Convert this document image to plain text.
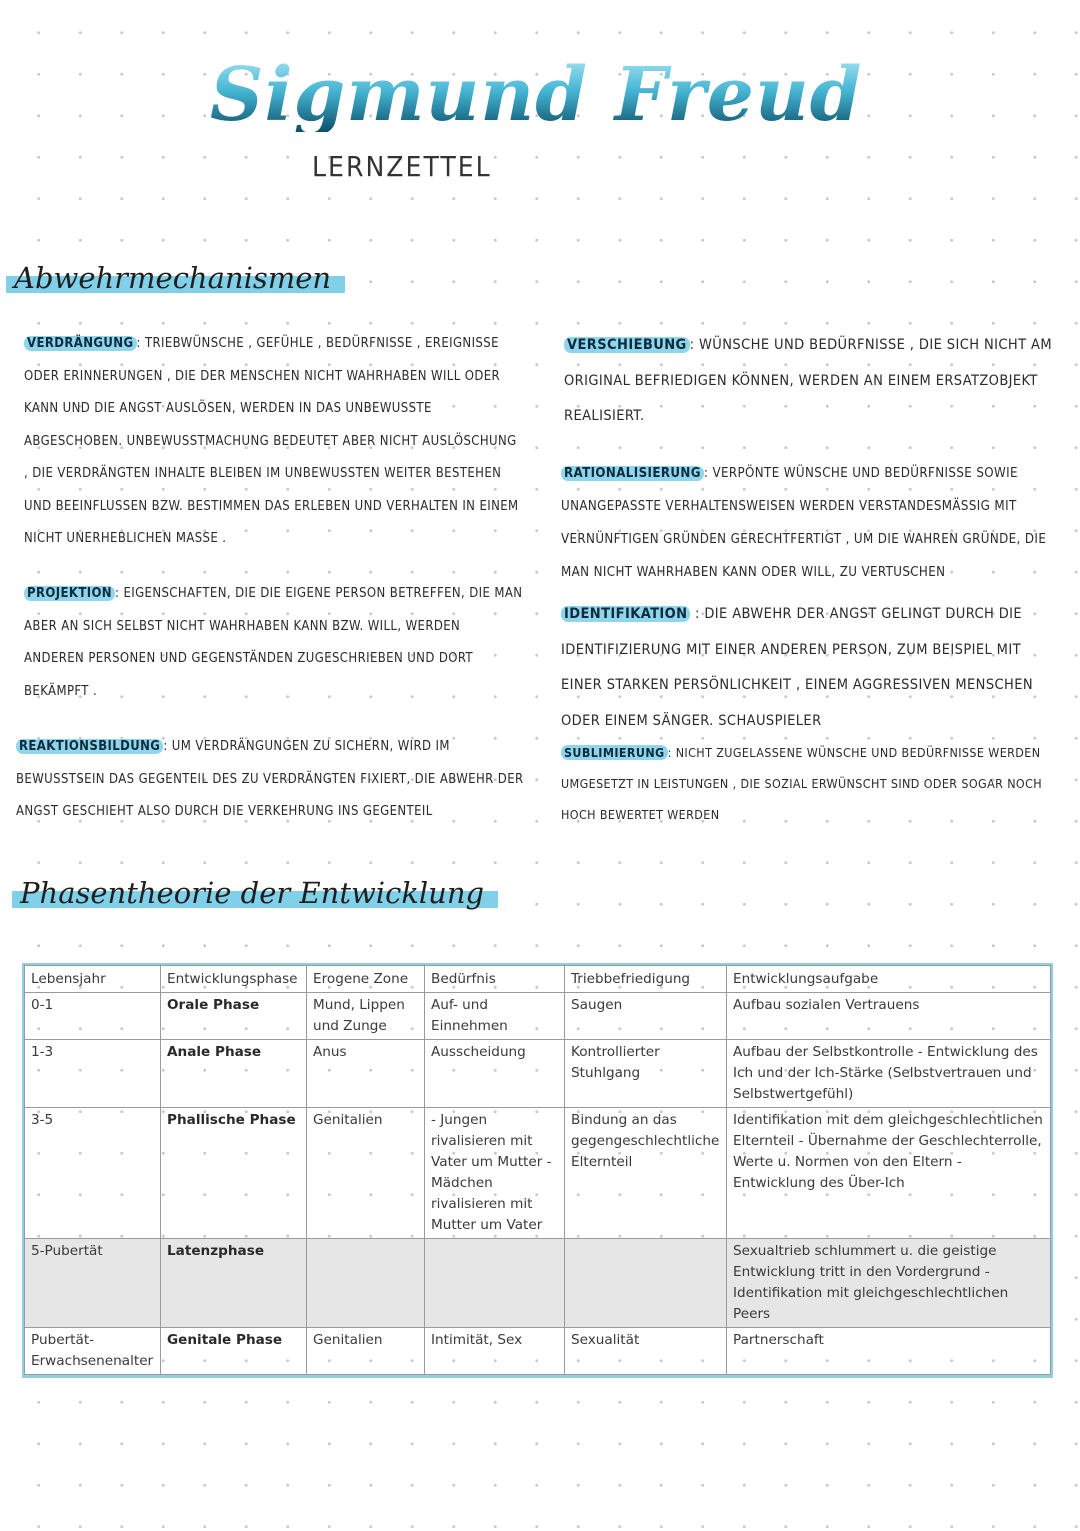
Sigmund Freud
LERNZETTEL
Abwehrmechanismen

VERDRÄNGUNG : TRIEBWÜNSCHE , GEFÜHLE , BEDÜRFNISSE , EREIGNISSE ODER ERINNERUNGEN , DIE DER MENSCHEN NICHT WAHRHABEN WILL ODER KANN UND DIE ANGST AUSLÖSEN, WERDEN IN DAS UNBEWUSSTE ABGESCHOBEN. UNBEWUSSTMACHUNG BEDEUTET ABER NICHT AUSLÖSCHUNG , DIE VERDRÄNGTEN INHALTE BLEIBEN IM UNBEWUSSTEN WEITER BESTEHEN UND BEEINFLUSSEN BZW. BESTIMMEN DAS ERLEBEN UND VERHALTEN IN EINEM NICHT UNERHEBLICHEN MASSE .

PROJEKTION : EIGENSCHAFTEN, DIE DIE EIGENE PERSON BETREFFEN, DIE MAN ABER AN SICH SELBST NICHT WAHRHABEN KANN BZW. WILL, WERDEN ANDEREN PERSONEN UND GEGENSTÄNDEN ZUGESCHRIEBEN UND DORT BEKÄMPFT .

REAKTIONSBILDUNG : UM VERDRÄNGUNGEN ZU SICHERN, WIRD IM BEWUSSTSEIN DAS GEGENTEIL DES ZU VERDRÄNGTEN FIXIERT, DIE ABWEHR DER ANGST GESCHIEHT ALSO DURCH DIE VERKEHRUNG INS GEGENTEIL

VERSCHIEBUNG : WÜNSCHE UND BEDÜRFNISSE , DIE SICH NICHT AM ORIGINAL BEFRIEDIGEN KÖNNEN, WERDEN AN EINEM ERSATZOBJEKT REALISIERT.

RATIONALISIERUNG : VERPÖNTE WÜNSCHE UND BEDÜRFNISSE SOWIE UNANGEPASSTE VERHALTENSWEISEN WERDEN VERSTANDESMÄSSIG MIT VERNÜNFTIGEN GRÜNDEN GERECHTFERTIGT , UM DIE WAHREN GRÜNDE, DIE MAN NICHT WAHRHABEN KANN ODER WILL, ZU VERTUSCHEN

IDENTIFIKATION : DIE ABWEHR DER ANGST GELINGT DURCH DIE IDENTIFIZIERUNG MIT EINER ANDEREN PERSON, ZUM BEISPIEL MIT EINER STARKEN PERSÖNLICHKEIT , EINEM AGGRESSIVEN MENSCHEN ODER EINEM SÄNGER. SCHAUSPIELER

SUBLIMIERUNG : NICHT ZUGELASSENE WÜNSCHE UND BEDÜRFNISSE WERDEN UMGESETZT IN LEISTUNGEN , DIE SOZIAL ERWÜNSCHT SIND ODER SOGAR NOCH HOCH BEWERTET WERDEN

Phasentheorie der Entwicklung
Lebensjahr	Entwicklungsphase	Erogene Zone	Bedürfnis	Triebbefriedigung	Entwicklungsaufgabe
0-1	Orale Phase	Mund, Lippen und Zunge	Auf- und Einnehmen	Saugen	Aufbau sozialen Vertrauens
1-3	Anale Phase	Anus	Ausscheidung	Kontrollierter Stuhlgang	Aufbau der Selbstkontrolle - Entwicklung des Ich und der Ich-Stärke (Selbstvertrauen und Selbstwertgefühl)
3-5	Phallische Phase	Genitalien	- Jungen rivalisieren mit Vater um Mutter - Mädchen rivalisieren mit Mutter um Vater	Bindung an das gegengeschlechtliche Elternteil	Identifikation mit dem gleichgeschlechtlichen Elternteil - Übernahme der Geschlechterrolle, Werte u. Normen von den Eltern - Entwicklung des Über-Ich
5-Pubertät	Latenzphase				Sexualtrieb schlummert u. die geistige Entwicklung tritt in den Vordergrund - Identifikation mit gleichgeschlechtlichen Peers
Pubertät-Erwachsenenalter	Genitale Phase	Genitalien	Intimität, Sex	Sexualität	Partnerschaft
